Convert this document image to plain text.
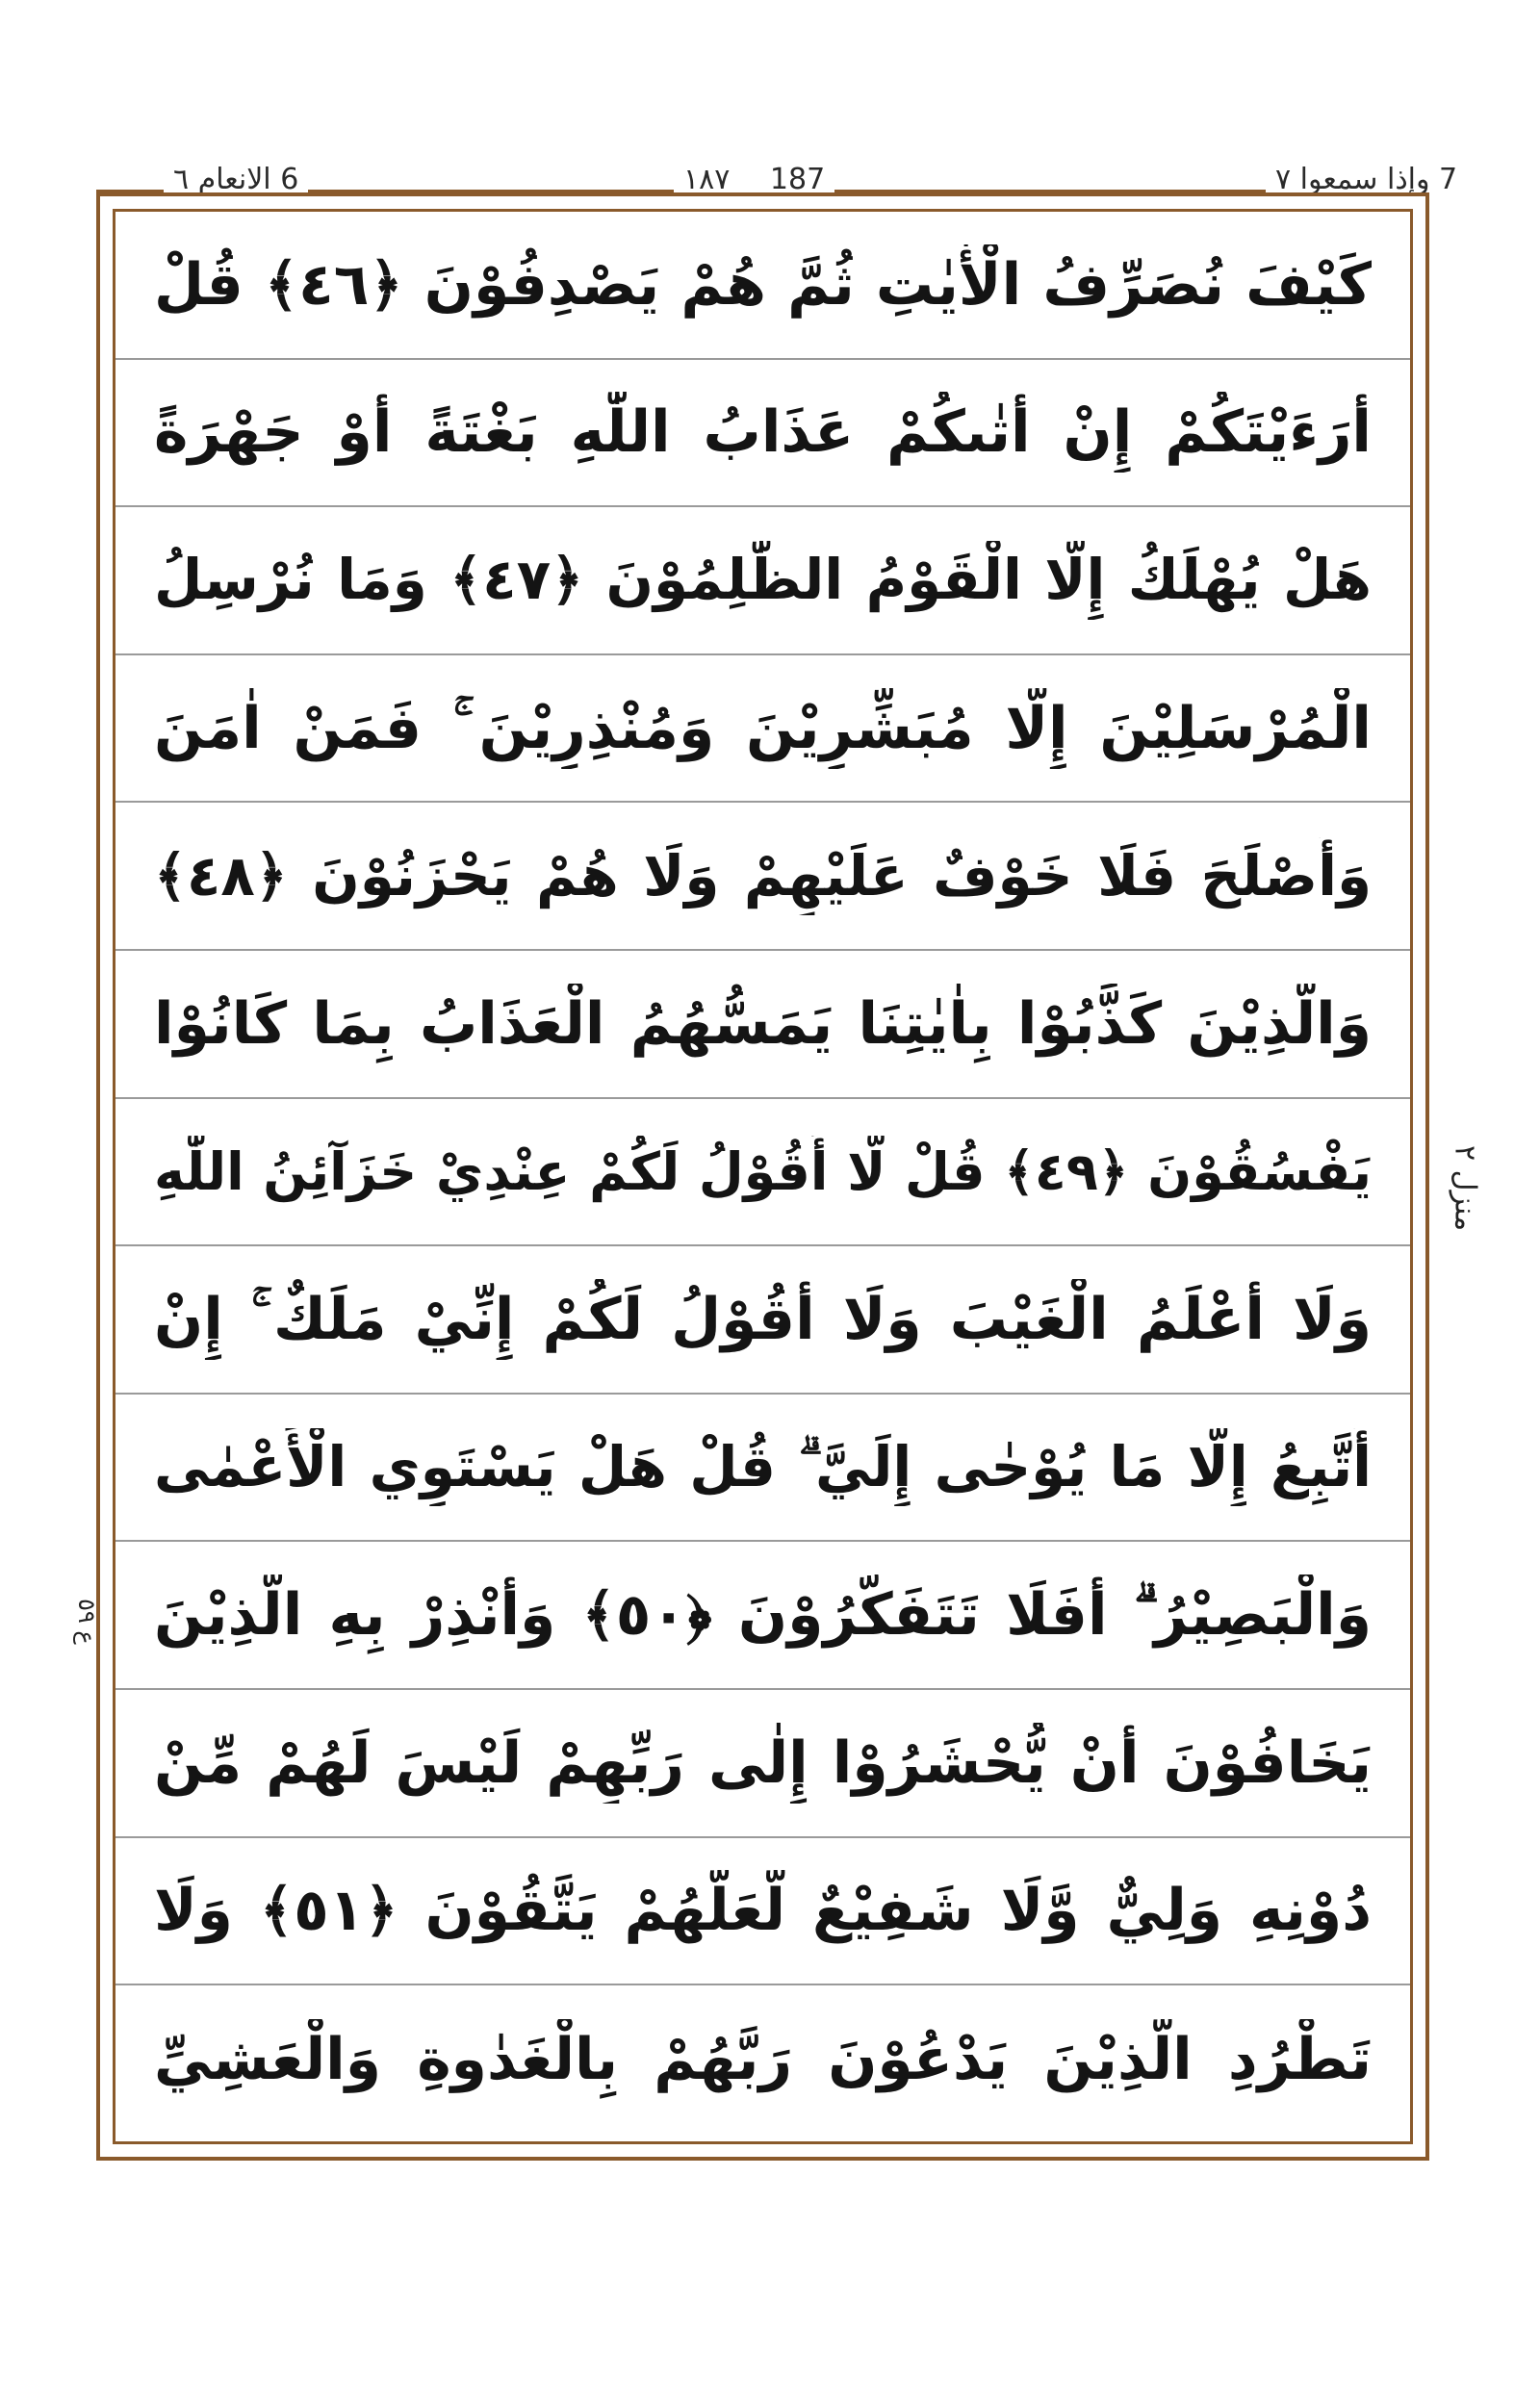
6 الانعام ٦	۱۸۷ 187	7 وإذا سمعوا ٧
كَيْفَ نُصَرِّفُ الْأٰيٰتِ ثُمَّ هُمْ يَصْدِفُوْنَ ﴿٤٦﴾ قُلْ
أَرَءَيْتَكُمْ إِنْ أَتٰىكُمْ عَذَابُ اللّٰهِ بَغْتَةً أَوْ جَهْرَةً
هَلْ يُهْلَكُ إِلَّا الْقَوْمُ الظّٰلِمُوْنَ ﴿٤٧﴾ وَمَا نُرْسِلُ
الْمُرْسَلِيْنَ إِلَّا مُبَشِّرِيْنَ وَمُنْذِرِيْنَ ۚ فَمَنْ اٰمَنَ
وَأَصْلَحَ فَلَا خَوْفٌ عَلَيْهِمْ وَلَا هُمْ يَحْزَنُوْنَ ﴿٤٨﴾
وَالَّذِيْنَ كَذَّبُوْا بِاٰيٰتِنَا يَمَسُّهُمُ الْعَذَابُ بِمَا كَانُوْا
يَفْسُقُوْنَ ﴿٤٩﴾ قُلْ لَّا أَقُوْلُ لَكُمْ عِنْدِيْ خَزَآئِنُ اللّٰهِ
وَلَا أَعْلَمُ الْغَيْبَ وَلَا أَقُوْلُ لَكُمْ إِنِّيْ مَلَكٌ ۚ إِنْ
أَتَّبِعُ إِلَّا مَا يُوْحٰى إِلَيَّ ۗ قُلْ هَلْ يَسْتَوِي الْأَعْمٰى
وَالْبَصِيْرُ ۗ أَفَلَا تَتَفَكَّرُوْنَ ﴿٥٠﴾ وَأَنْذِرْ بِهِ الَّذِيْنَ
يَخَافُوْنَ أَنْ يُّحْشَرُوْا إِلٰى رَبِّهِمْ لَيْسَ لَهُمْ مِّنْ
دُوْنِهِ وَلِيٌّ وَّلَا شَفِيْعٌ لَّعَلَّهُمْ يَتَّقُوْنَ ﴿٥١﴾ وَلَا
تَطْرُدِ الَّذِيْنَ يَدْعُوْنَ رَبَّهُمْ بِالْغَدٰوةِ وَالْعَشِيِّ
منزل ٢
ع ٥٩
